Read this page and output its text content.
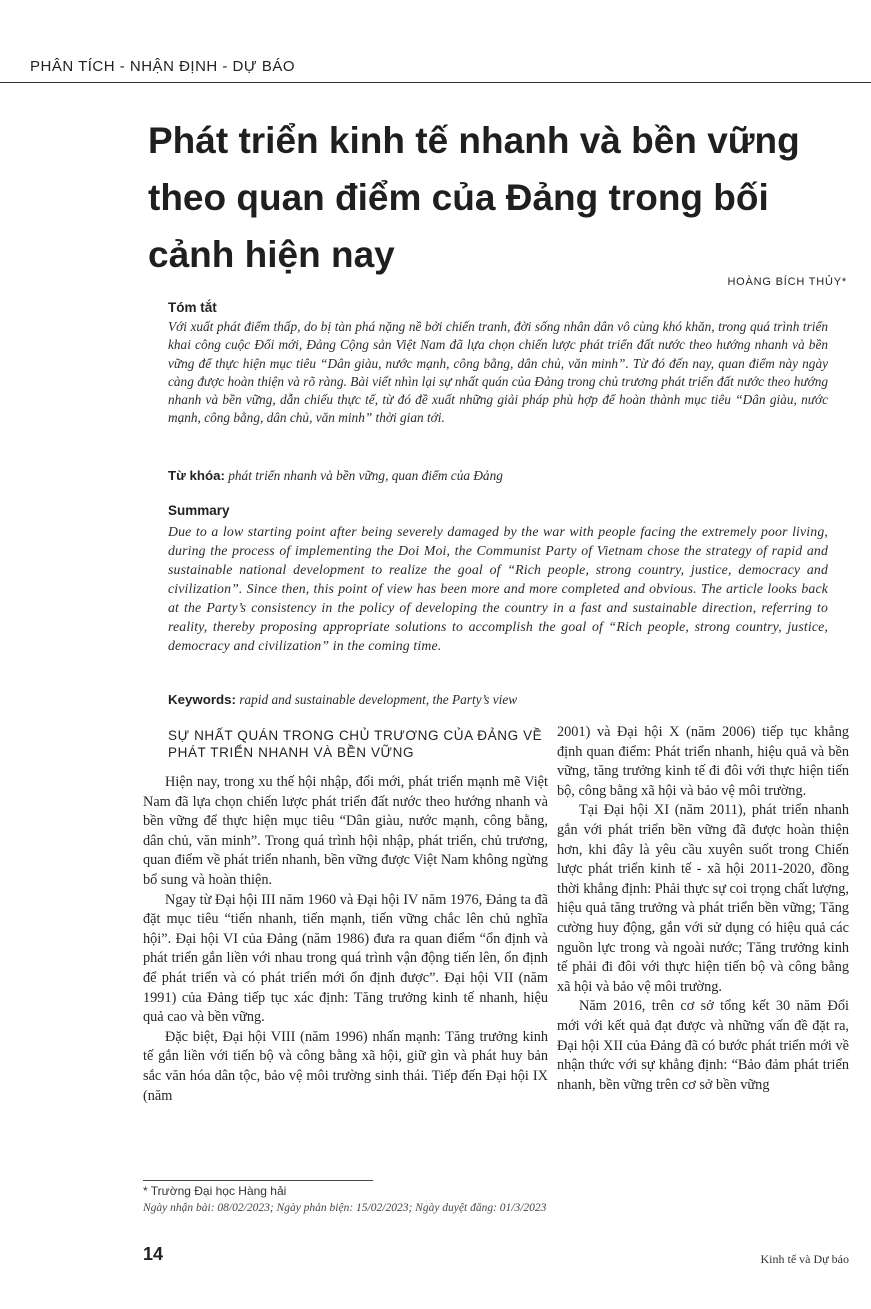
PHÂN TÍCH - NHẬN ĐỊNH - DỰ BÁO
Phát triển kinh tế nhanh và bền vững theo quan điểm của Đảng trong bối cảnh hiện nay
HOÀNG BÍCH THỦY*
Tóm tắt

Với xuất phát điểm thấp, do bị tàn phá nặng nề bởi chiến tranh, đời sống nhân dân vô cùng khó khăn, trong quá trình triển khai công cuộc Đổi mới, Đảng Cộng sản Việt Nam đã lựa chọn chiến lược phát triển đất nước theo hướng nhanh và bền vững để thực hiện mục tiêu “Dân giàu, nước mạnh, công bằng, dân chủ, văn minh”. Từ đó đến nay, quan điểm này ngày càng được hoàn thiện và rõ ràng. Bài viết nhìn lại sự nhất quán của Đảng trong chủ trương phát triển đất nước theo hướng nhanh và bền vững, dẫn chiếu thực tế, từ đó đề xuất những giải pháp phù hợp để hoàn thành mục tiêu “Dân giàu, nước mạnh, công bằng, dân chủ, văn minh” thời gian tới.

Từ khóa: phát triển nhanh và bền vững, quan điểm của Đảng
Summary

Due to a low starting point after being severely damaged by the war with people facing the extremely poor living, during the process of implementing the Doi Moi, the Communist Party of Vietnam chose the strategy of rapid and sustainable national development to realize the goal of “Rich people, strong country, justice, democracy and civilization”. Since then, this point of view has been more and more completed and obvious. The article looks back at the Party’s consistency in the policy of developing the country in a fast and sustainable direction, referring to reality, thereby proposing appropriate solutions to accomplish the goal of “Rich people, strong country, justice, democracy and civilization” in the coming time.

Keywords: rapid and sustainable development, the Party’s view

SỰ NHẤT QUÁN TRONG CHỦ TRƯƠNG CỦA ĐẢNG VỀ PHÁT TRIỂN NHANH VÀ BỀN VỮNG

Hiện nay, trong xu thế hội nhập, đổi mới, phát triển mạnh mẽ Việt Nam đã lựa chọn chiến lược phát triển đất nước theo hướng nhanh và bền vững để thực hiện mục tiêu “Dân giàu, nước mạnh, công bằng, dân chủ, văn minh”. Trong quá trình hội nhập, phát triển, chủ trương, quan điểm về phát triển nhanh, bền vững được Việt Nam không ngừng bổ sung và hoàn thiện.

Ngay từ Đại hội III năm 1960 và Đại hội IV năm 1976, Đảng ta đã đặt mục tiêu “tiến nhanh, tiến mạnh, tiến vững chắc lên chủ nghĩa hội”. Đại hội VI của Đảng (năm 1986) đưa ra quan điểm “ổn định và phát triển gắn liền với nhau trong quá trình vận động tiến lên, ổn định để phát triển và có phát triển mới ổn định được”. Đại hội VII (năm 1991) của Đảng tiếp tục xác định: Tăng trưởng kinh tế nhanh, hiệu quả cao và bền vững.

Đặc biệt, Đại hội VIII (năm 1996) nhấn mạnh: Tăng trưởng kinh tế gắn liền với tiến bộ và công bằng xã hội, giữ gìn và phát huy bản sắc văn hóa dân tộc, bảo vệ môi trường sinh thái. Tiếp đến Đại hội IX (năm

2001) và Đại hội X (năm 2006) tiếp tục khẳng định quan điểm: Phát triển nhanh, hiệu quả và bền vững, tăng trưởng kinh tế đi đôi với thực hiện tiến bộ, công bằng xã hội và bảo vệ môi trường.

Tại Đại hội XI (năm 2011), phát triển nhanh gắn với phát triển bền vững đã được hoàn thiện hơn, khi đây là yêu cầu xuyên suốt trong Chiến lược phát triển kinh tế - xã hội 2011-2020, đồng thời khẳng định: Phải thực sự coi trọng chất lượng, hiệu quả tăng trưởng và phát triển bền vững; Tăng cường huy động, gắn với sử dụng có hiệu quả các nguồn lực trong và ngoài nước; Tăng trưởng kinh tế phải đi đôi với thực hiện tiến bộ và công bằng xã hội và bảo vệ môi trường.

Năm 2016, trên cơ sở tổng kết 30 năm Đổi mới với kết quả đạt được và những vấn đề đặt ra, Đại hội XII của Đảng đã có bước phát triển mới về nhận thức với sự khẳng định: “Bảo đảm phát triển nhanh, bền vững trên cơ sở bền vững

* Trường Đại học Hàng hải
Ngày nhận bài: 08/02/2023; Ngày phản biện: 15/02/2023; Ngày duyệt đăng: 01/3/2023
14	Kinh tế và Dự báo
